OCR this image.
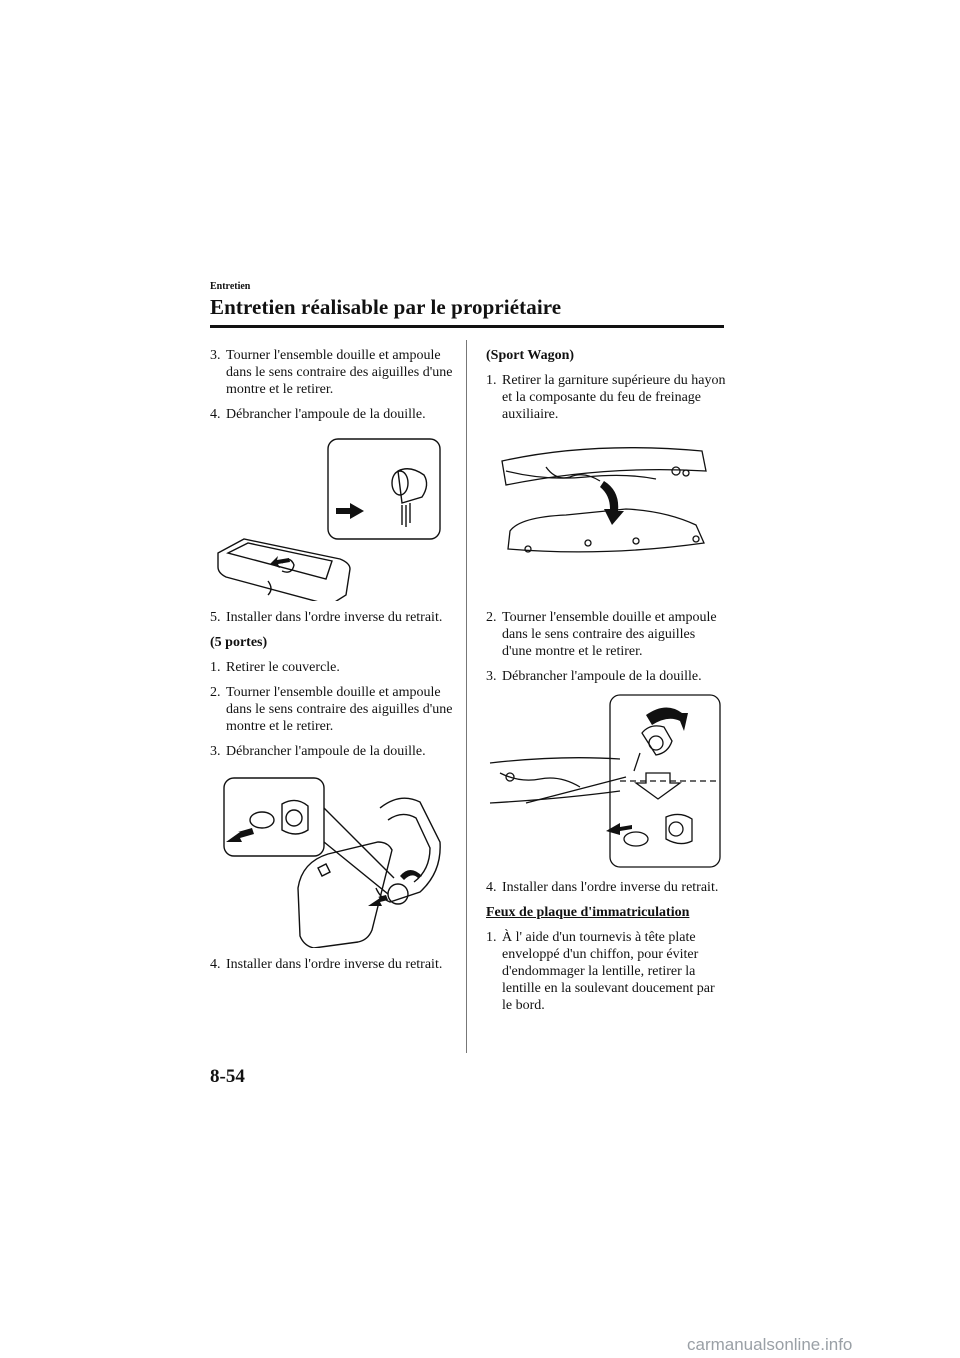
Entretien
Entretien réalisable par le propriétaire
3. Tourner l'ensemble douille et ampoule dans le sens contraire des aiguilles d'une montre et le retirer.
4. Débrancher l'ampoule de la douille.
5. Installer dans l'ordre inverse du retrait.
(5 portes)
1. Retirer le couvercle.
2. Tourner l'ensemble douille et ampoule dans le sens contraire des aiguilles d'une montre et le retirer.
3. Débrancher l'ampoule de la douille.
4. Installer dans l'ordre inverse du retrait.
(Sport Wagon)
1. Retirer la garniture supérieure du hayon et la composante du feu de freinage auxiliaire.
2. Tourner l'ensemble douille et ampoule dans le sens contraire des aiguilles d'une montre et le retirer.
3. Débrancher l'ampoule de la douille.
4. Installer dans l'ordre inverse du retrait.
Feux de plaque d'immatriculation
1. À l' aide d'un tournevis à tête plate enveloppé d'un chiffon, pour éviter d'endommager la lentille, retirer la lentille en la soulevant doucement par le bord.
8-54
carmanualsonline.info
